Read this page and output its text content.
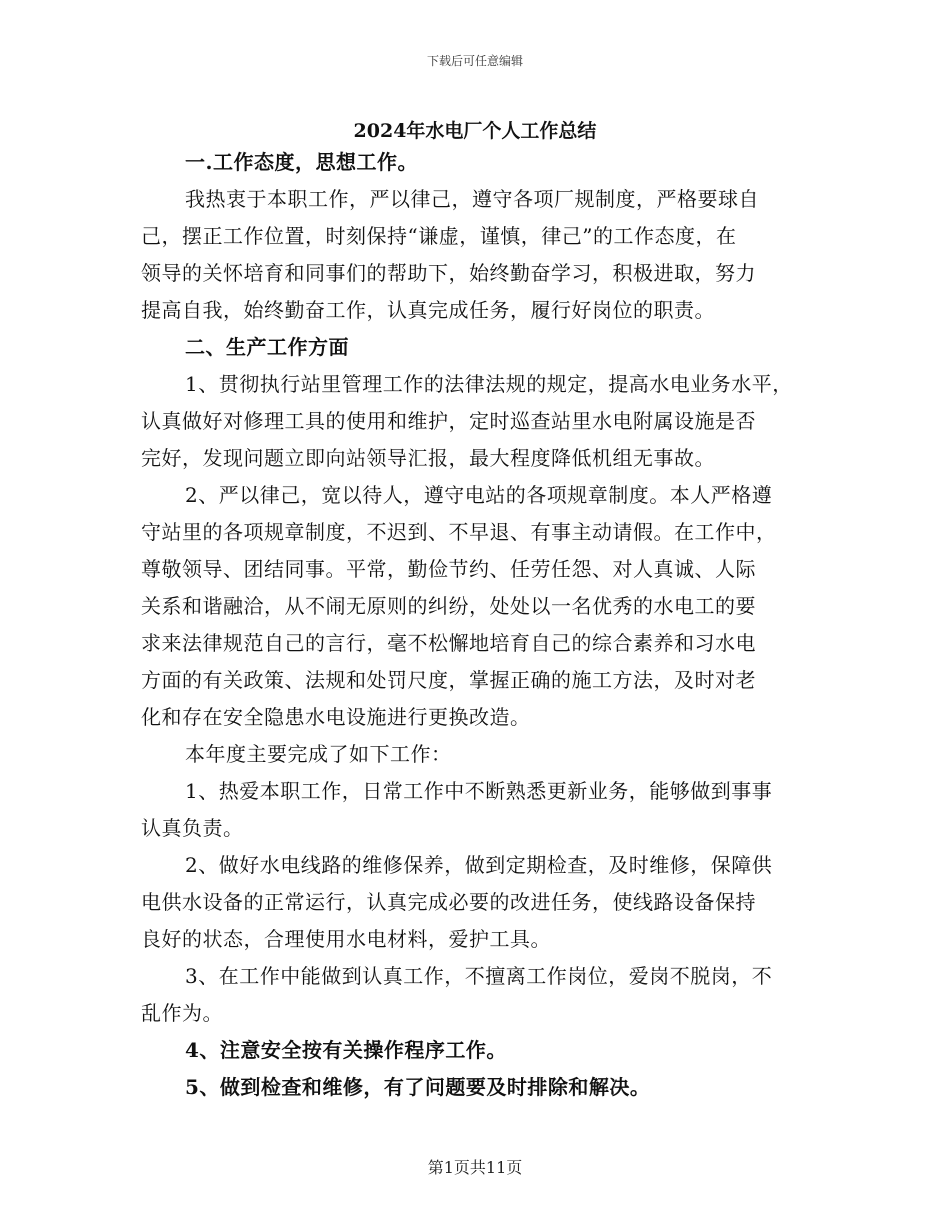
下载后可任意编辑
2024年水电厂个人工作总结

一.工作态度，思想工作。

我热衷于本职工作，严以律己，遵守各项厂规制度，严格要球自

己，摆正工作位置，时刻保持“谦虚，谨慎，律己”的工作态度，在

领导的关怀培育和同事们的帮助下，始终勤奋学习，积极进取，努力

提高自我，始终勤奋工作，认真完成任务，履行好岗位的职责。

二、生产工作方面

1、贯彻执行站里管理工作的法律法规的规定，提高水电业务水平，

认真做好对修理工具的使用和维护，定时巡查站里水电附属设施是否

完好，发现问题立即向站领导汇报，最大程度降低机组无事故。

2、严以律己，宽以待人，遵守电站的各项规章制度。本人严格遵

守站里的各项规章制度，不迟到、不早退、有事主动请假。在工作中，

尊敬领导、团结同事。平常，勤俭节约、任劳任怨、对人真诚、人际

关系和谐融洽，从不闹无原则的纠纷，处处以一名优秀的水电工的要

求来法律规范自己的言行，毫不松懈地培育自己的综合素养和习水电

方面的有关政策、法规和处罚尺度，掌握正确的施工方法，及时对老

化和存在安全隐患水电设施进行更换改造。

本年度主要完成了如下工作：

1、热爱本职工作，日常工作中不断熟悉更新业务，能够做到事事

认真负责。

2、做好水电线路的维修保养，做到定期检查，及时维修，保障供

电供水设备的正常运行，认真完成必要的改进任务，使线路设备保持

良好的状态，合理使用水电材料，爱护工具。

3、在工作中能做到认真工作，不擅离工作岗位，爱岗不脱岗，不

乱作为。

4、注意安全按有关操作程序工作。

5、做到检查和维修，有了问题要及时排除和解决。

第1页共11页
